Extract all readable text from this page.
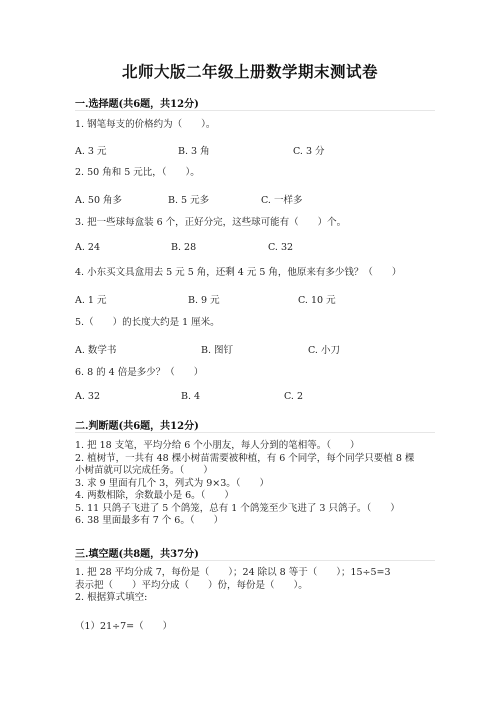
北师大版二年级上册数学期末测试卷
一.选择题(共6题，共12分)
1. 钢笔每支的价格约为（　　）。
A. 3 元	B. 3 角	C. 3 分
2. 50 角和 5 元比，（　　）。
A. 50 角多	B. 5 元多	C. 一样多
3. 把一些球每盒装 6 个，正好分完，这些球可能有（　　）个。
A. 24	B. 28	C. 32
4. 小东买文具盒用去 5 元 5 角，还剩 4 元 5 角，他原来有多少钱？（　　）
A. 1 元	B. 9 元	C. 10 元
5.（　　）的长度大约是 1 厘米。
A. 数学书	B. 图钉	C. 小刀
6. 8 的 4 倍是多少？（　　）
A. 32	B. 4	C. 2
二.判断题(共6题，共12分)
1. 把 18 支笔，平均分给 6 个小朋友，每人分到的笔相等。（　　）
2. 植树节，一共有 48 棵小树苗需要被种植，有 6 个同学，每个同学只要植 8 棵
小树苗就可以完成任务。（　　）
3. 求 9 里面有几个 3，列式为 9×3。（　　）
4. 两数相除，余数最小是 6。（　　）
5. 11 只鸽子飞进了 5 个鸽笼，总有 1 个鸽笼至少飞进了 3 只鸽子。（　　）
6. 38 里面最多有 7 个 6。（　　）
三.填空题(共8题，共37分)
1. 把 28 平均分成 7，每份是（　　）；24 除以 8 等于（　　）；15÷5=3
表示把（　　）平均分成（　　）份，每份是（　　）。
2. 根据算式填空:
（1）21÷7=（　　）
